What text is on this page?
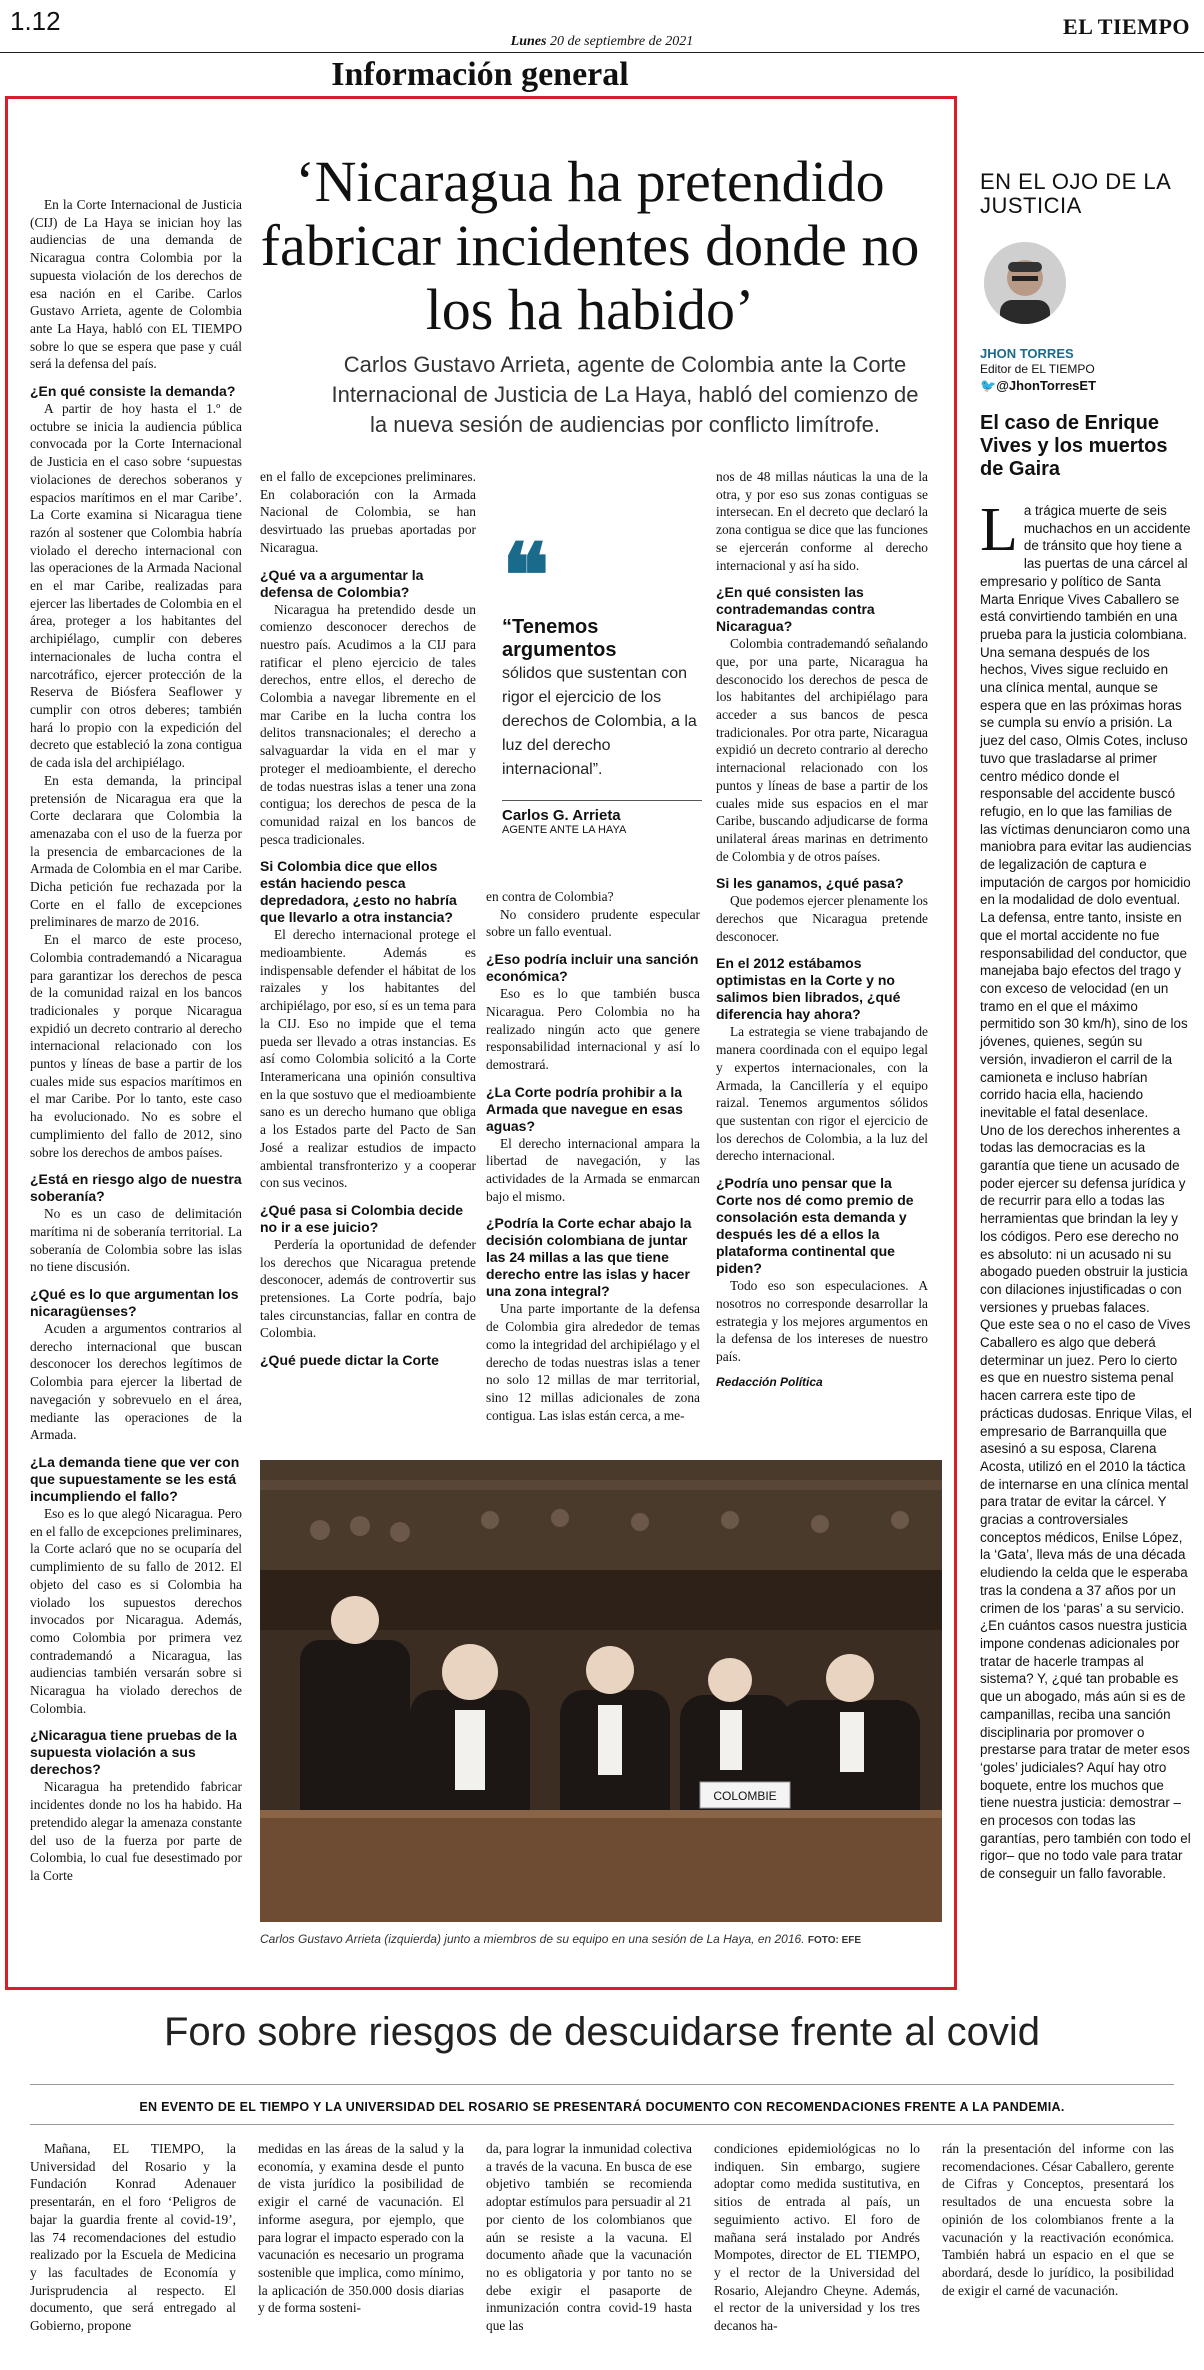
1.12
Lunes 20 de septiembre de 2021
EL TIEMPO
Información general
‘Nicaragua ha pretendido fabricar incidentes donde no los ha habido’
Carlos Gustavo Arrieta, agente de Colombia ante la Corte Internacional de Justicia de La Haya, habló del comienzo de la nueva sesión de audiencias por conflicto limítrofe.

En la Corte Internacional de Justicia (CIJ) de La Haya se inician hoy las audiencias de una demanda de Nicaragua contra Colombia por la supuesta violación de los derechos de esa nación en el Caribe. Carlos Gustavo Arrieta, agente de Colombia ante La Haya, habló con EL TIEMPO sobre lo que se espera que pase y cuál será la defensa del país.

¿En qué consiste la demanda?

A partir de hoy hasta el 1.º de octubre se inicia la audiencia pública convocada por la Corte Internacional de Justicia en el caso sobre ‘supuestas violaciones de derechos soberanos y espacios marítimos en el mar Caribe’. La Corte examina si Nicaragua tiene razón al sostener que Colombia habría violado el derecho internacional con las operaciones de la Armada Nacional en el mar Caribe, realizadas para ejercer las libertades de Colombia en el área, proteger a los habitantes del archipiélago, cumplir con deberes internacionales de lucha contra el narcotráfico, ejercer protección de la Reserva de Biósfera Seaflower y cumplir con otros deberes; también hará lo propio con la expedición del decreto que estableció la zona contigua de cada isla del archipiélago.

En esta demanda, la principal pretensión de Nicaragua era que la Corte declarara que Colombia la amenazaba con el uso de la fuerza por la presencia de embarcaciones de la Armada de Colombia en el mar Caribe. Dicha petición fue rechazada por la Corte en el fallo de excepciones preliminares de marzo de 2016.

En el marco de este proceso, Colombia contrademandó a Nicaragua para garantizar los derechos de pesca de la comunidad raizal en los bancos tradicionales y porque Nicaragua expidió un decreto contrario al derecho internacional relacionado con los puntos y líneas de base a partir de los cuales mide sus espacios marítimos en el mar Caribe. Por lo tanto, este caso ha evolucionado. No es sobre el cumplimiento del fallo de 2012, sino sobre los derechos de ambos países.

¿Está en riesgo algo de nuestra soberanía?

No es un caso de delimitación marítima ni de soberanía territorial. La soberanía de Colombia sobre las islas no tiene discusión.

¿Qué es lo que argumentan los nicaragüenses?

Acuden a argumentos contrarios al derecho internacional que buscan desconocer los derechos legítimos de Colombia para ejercer la libertad de navegación y sobrevuelo en el área, mediante las operaciones de la Armada.

¿La demanda tiene que ver con que supuestamente se les está incumpliendo el fallo?

Eso es lo que alegó Nicaragua. Pero en el fallo de excepciones preliminares, la Corte aclaró que no se ocuparía del cumplimiento de su fallo de 2012. El objeto del caso es si Colombia ha violado los supuestos derechos invocados por Nicaragua. Además, como Colombia por primera vez contrademandó a Nicaragua, las audiencias también versarán sobre si Nicaragua ha violado derechos de Colombia.

¿Nicaragua tiene pruebas de la supuesta violación a sus derechos?

Nicaragua ha pretendido fabricar incidentes donde no los ha habido. Ha pretendido alegar la amenaza constante del uso de la fuerza por parte de Colombia, lo cual fue desestimado por la Corte

en el fallo de excepciones preliminares. En colaboración con la Armada Nacional de Colombia, se han desvirtuado las pruebas aportadas por Nicaragua.

¿Qué va a argumentar la defensa de Colombia?

Nicaragua ha pretendido desde un comienzo desconocer derechos de nuestro país. Acudimos a la CIJ para ratificar el pleno ejercicio de tales derechos, entre ellos, el derecho de Colombia a navegar libremente en el mar Caribe en la lucha contra los delitos transnacionales; el derecho a salvaguardar la vida en el mar y proteger el medioambiente, el derecho de todas nuestras islas a tener una zona contigua; los derechos de pesca de la comunidad raizal en los bancos de pesca tradicionales.

Si Colombia dice que ellos están haciendo pesca depredadora, ¿esto no habría que llevarlo a otra instancia?

El derecho internacional protege el medioambiente. Además es indispensable defender el hábitat de los raizales y los habitantes del archipiélago, por eso, sí es un tema para la CIJ. Eso no impide que el tema pueda ser llevado a otras instancias. Es así como Colombia solicitó a la Corte Interamericana una opinión consultiva en la que sostuvo que el medioambiente sano es un derecho humano que obliga a los Estados parte del Pacto de San José a realizar estudios de impacto ambiental transfronterizo y a cooperar con sus vecinos.

¿Qué pasa si Colombia decide no ir a ese juicio?

Perdería la oportunidad de defender los derechos que Nicaragua pretende desconocer, además de controvertir sus pretensiones. La Corte podría, bajo tales circunstancias, fallar en contra de Colombia.

¿Qué puede dictar la Corte

en contra de Colombia?

No considero prudente especular sobre un fallo eventual.

¿Eso podría incluir una sanción económica?

Eso es lo que también busca Nicaragua. Pero Colombia no ha realizado ningún acto que genere responsabilidad internacional y así lo demostrará.

¿La Corte podría prohibir a la Armada que navegue en esas aguas?

El derecho internacional ampara la libertad de navegación, y las actividades de la Armada se enmarcan bajo el mismo.

¿Podría la Corte echar abajo la decisión colombiana de juntar las 24 millas a las que tiene derecho entre las islas y hacer una zona integral?

Una parte importante de la defensa de Colombia gira alrededor de temas como la integridad del archipiélago y el derecho de todas nuestras islas a tener no solo 12 millas de mar territorial, sino 12 millas adicionales de zona contigua. Las islas están cerca, a me-

nos de 48 millas náuticas la una de la otra, y por eso sus zonas contiguas se intersecan. En el decreto que declaró la zona contigua se dice que las funciones se ejercerán conforme al derecho internacional y así ha sido.

¿En qué consisten las contrademandas contra Nicaragua?

Colombia contrademandó señalando que, por una parte, Nicaragua ha desconocido los derechos de pesca de los habitantes del archipiélago para acceder a sus bancos de pesca tradicionales. Por otra parte, Nicaragua expidió un decreto contrario al derecho internacional relacionado con los puntos y líneas de base a partir de los cuales mide sus espacios en el mar Caribe, buscando adjudicarse de forma unilateral áreas marinas en detrimento de Colombia y de otros países.

Si les ganamos, ¿qué pasa?

Que podemos ejercer plenamente los derechos que Nicaragua pretende desconocer.

En el 2012 estábamos optimistas en la Corte y no salimos bien librados, ¿qué diferencia hay ahora?

La estrategia se viene trabajando de manera coordinada con el equipo legal y expertos internacionales, con la Armada, la Cancillería y el equipo raizal. Tenemos argumentos sólidos que sustentan con rigor el ejercicio de los derechos de Colombia, a la luz del derecho internacional.

¿Podría uno pensar que la Corte nos dé como premio de consolación esta demanda y después les dé a ellos la plataforma continental que piden?

Todo eso son especulaciones. A nosotros no corresponde desarrollar la estrategia y los mejores argumentos en la defensa de los intereses de nuestro país.

Redacción Política

❝
“Tenemos argumentos
sólidos que sustentan con rigor el ejercicio de los derechos de Colombia, a la luz del derecho internacional”.
Carlos G. Arrieta
AGENTE ANTE LA HAYA
COLOMBIE
Carlos Gustavo Arrieta (izquierda) junto a miembros de su equipo en una sesión de La Haya, en 2016. FOTO: EFE
EN EL OJO DE LA JUSTICIA
JHON TORRES
Editor de EL TIEMPO
🐦@JhonTorresET
El caso de Enrique Vives y los muertos de Gaira

La trágica muerte de seis muchachos en un accidente de tránsito que hoy tiene a las puertas de una cárcel al empresario y político de Santa Marta Enrique Vives Caballero se está convirtiendo también en una prueba para la justicia colombiana.

Una semana después de los hechos, Vives sigue recluido en una clínica mental, aunque se espera que en las próximas horas se cumpla su envío a prisión. La juez del caso, Olmis Cotes, incluso tuvo que trasladarse al primer centro médico donde el responsable del accidente buscó refugio, en lo que las familias de las víctimas denunciaron como una maniobra para evitar las audiencias de legalización de captura e imputación de cargos por homicidio en la modalidad de dolo eventual.

La defensa, entre tanto, insiste en que el mortal accidente no fue responsabilidad del conductor, que manejaba bajo efectos del trago y con exceso de velocidad (en un tramo en el que el máximo permitido son 30 km/h), sino de los jóvenes, quienes, según su versión, invadieron el carril de la camioneta e incluso habrían corrido hacia ella, haciendo inevitable el fatal desenlace.

Uno de los derechos inherentes a todas las democracias es la garantía que tiene un acusado de poder ejercer su defensa jurídica y de recurrir para ello a todas las herramientas que brindan la ley y los códigos. Pero ese derecho no es absoluto: ni un acusado ni su abogado pueden obstruir la justicia con dilaciones injustificadas o con versiones y pruebas falaces.

Que este sea o no el caso de Vives Caballero es algo que deberá determinar un juez. Pero lo cierto es que en nuestro sistema penal hacen carrera este tipo de prácticas dudosas. Enrique Vilas, el empresario de Barranquilla que asesinó a su esposa, Clarena Acosta, utilizó en el 2010 la táctica de internarse en una clínica mental para tratar de evitar la cárcel. Y gracias a controversiales conceptos médicos, Enilse López, la ‘Gata’, lleva más de una década eludiendo la celda que le esperaba tras la condena a 37 años por un crimen de los ‘paras’ a su servicio.

¿En cuántos casos nuestra justicia impone condenas adicionales por tratar de hacerle trampas al sistema? Y, ¿qué tan probable es que un abogado, más aún si es de campanillas, reciba una sanción disciplinaria por promover o prestarse para tratar de meter esos ‘goles’ judiciales? Aquí hay otro boquete, entre los muchos que tiene nuestra justicia: demostrar –en procesos con todas las garantías, pero también con todo el rigor– que no todo vale para tratar de conseguir un fallo favorable.

Foro sobre riesgos de descuidarse frente al covid
EN EVENTO DE EL TIEMPO Y LA UNIVERSIDAD DEL ROSARIO SE PRESENTARÁ DOCUMENTO CON RECOMENDACIONES FRENTE A LA PANDEMIA.

Mañana, EL TIEMPO, la Universidad del Rosario y la Fundación Konrad Adenauer presentarán, en el foro ‘Peligros de bajar la guardia frente al covid-19’, las 74 recomendaciones del estudio realizado por la Escuela de Medicina y las facultades de Economía y Jurisprudencia al respecto. El documento, que será entregado al Gobierno, propone

medidas en las áreas de la salud y la economía, y examina desde el punto de vista jurídico la posibilidad de exigir el carné de vacunación. El informe asegura, por ejemplo, que para lograr el impacto esperado con la vacunación es necesario un programa sostenible que implica, como mínimo, la aplicación de 350.000 dosis diarias y de forma sosteni-

da, para lograr la inmunidad colectiva a través de la vacuna. En busca de ese objetivo también se recomienda adoptar estímulos para persuadir al 21 por ciento de los colombianos que aún se resiste a la vacuna. El documento añade que la vacunación no es obligatoria y por tanto no se debe exigir el pasaporte de inmunización contra covid-19 hasta que las

condiciones epidemiológicas no lo indiquen. Sin embargo, sugiere adoptar como medida sustitutiva, en sitios de entrada al país, un seguimiento activo. El foro de mañana será instalado por Andrés Mompotes, director de EL TIEMPO, y el rector de la Universidad del Rosario, Alejandro Cheyne. Además, el rector de la universidad y los tres decanos ha-

rán la presentación del informe con las recomendaciones. César Caballero, gerente de Cifras y Conceptos, presentará los resultados de una encuesta sobre la opinión de los colombianos frente a la vacunación y la reactivación económica. También habrá un espacio en el que se abordará, desde lo jurídico, la posibilidad de exigir el carné de vacunación.
